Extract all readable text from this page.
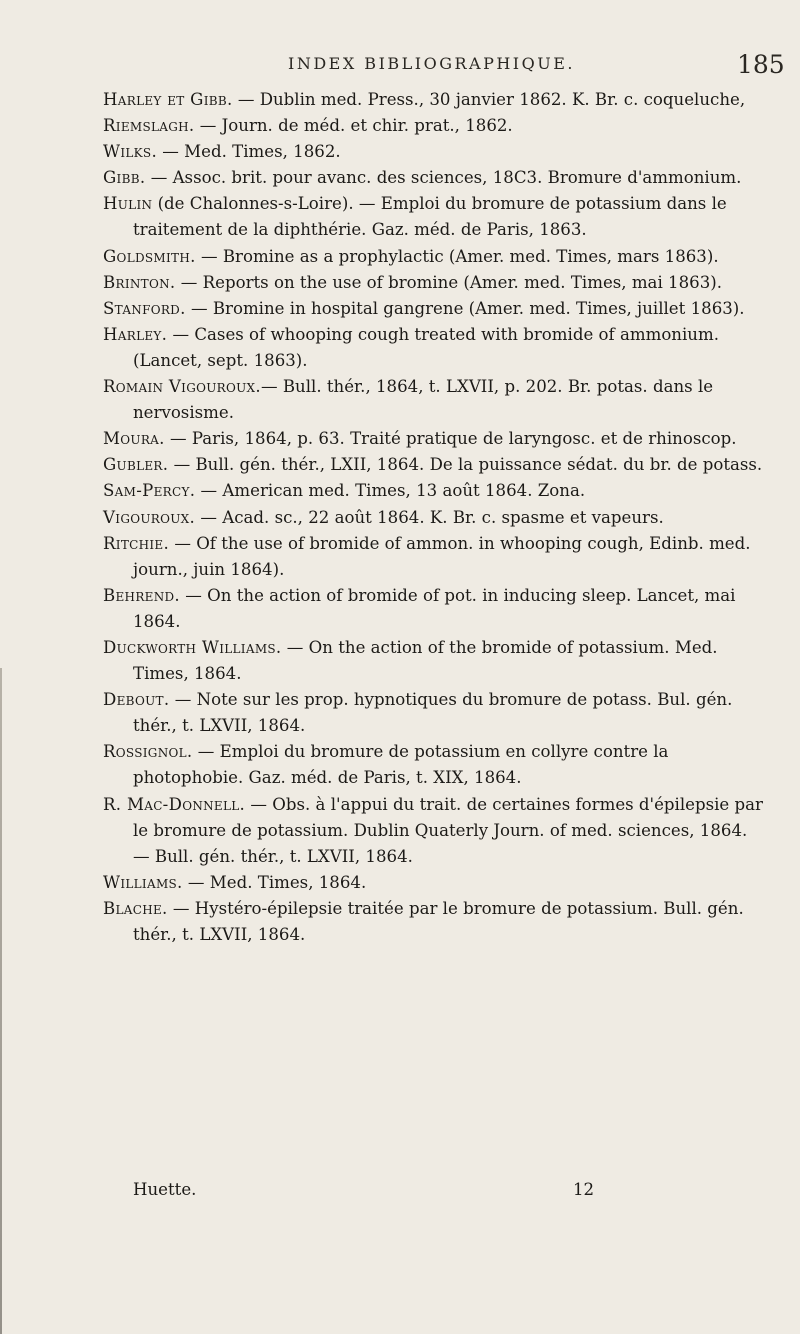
INDEX BIBLIOGRAPHIQUE.	185

Harley et Gibb. — Dublin med. Press., 30 janvier 1862. K. Br. c. coqueluche,

Riemslagh. — Journ. de méd. et chir. prat., 1862.

Wilks. — Med. Times, 1862.

Gibb. — Assoc. brit. pour avanc. des sciences, 18C3. Bromure d'ammonium.

Hulin (de Chalonnes-s-Loire). — Emploi du bromure de potassium dans le traitement de la diphthérie. Gaz. méd. de Paris, 1863.

Goldsmith. — Bromine as a prophylactic (Amer. med. Times, mars 1863).

Brinton. — Reports on the use of bromine (Amer. med. Times, mai 1863).

Stanford. — Bromine in hospital gangrene (Amer. med. Times, juillet 1863).

Harley. — Cases of whooping cough treated with bromide of ammonium. (Lancet, sept. 1863).

Romain Vigouroux.— Bull. thér., 1864, t. LXVII, p. 202. Br. potas. dans le nervosisme.

Moura. — Paris, 1864, p. 63. Traité pratique de laryngosc. et de rhinoscop.

Gubler. — Bull. gén. thér., LXII, 1864. De la puissance sédat. du br. de potass.

Sam-Percy. — American med. Times, 13 août 1864. Zona.

Vigouroux. — Acad. sc., 22 août 1864. K. Br. c. spasme et vapeurs.

Ritchie. — Of the use of bromide of ammon. in whooping cough, Edinb. med. journ., juin 1864).

Behrend. — On the action of bromide of pot. in inducing sleep. Lancet, mai 1864.

Duckworth Williams. — On the action of the bromide of potassium. Med. Times, 1864.

Debout. — Note sur les prop. hypnotiques du bromure de potass. Bul. gén. thér., t. LXVII, 1864.

Rossignol. — Emploi du bromure de potassium en collyre contre la photophobie. Gaz. méd. de Paris, t. XIX, 1864.

R. Mac-Donnell. — Obs. à l'appui du trait. de certaines formes d'épilepsie par le bromure de potassium. Dublin Quaterly Journ. of med. sciences, 1864.

— Bull. gén. thér., t. LXVII, 1864.

Williams. — Med. Times, 1864.

Blache. — Hystéro-épilepsie traitée par le bromure de potassium. Bull. gén. thér., t. LXVII, 1864.

Huette.	12
